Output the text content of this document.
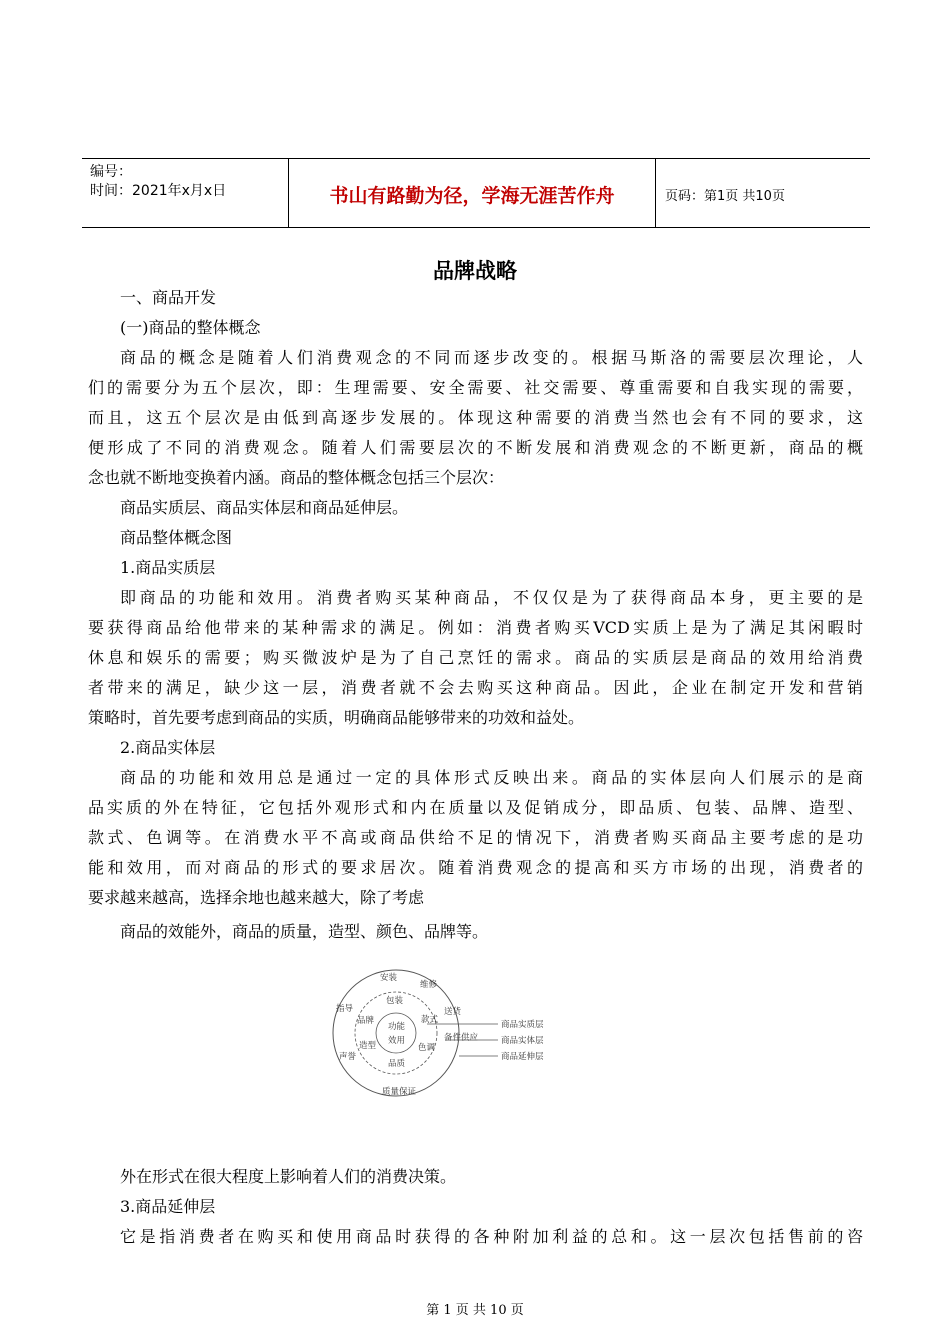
编号：
时间：2021年x月x日	书山有路勤为径，学海无涯苦作舟	页码：第1页 共10页
品牌战略

一、商品开发

(一)商品的整体概念

商品的概念是随着人们消费观念的不同而逐步改变的。根据马斯洛的需要层次理论，人
们的需要分为五个层次，即：生理需要、安全需要、社交需要、尊重需要和自我实现的需要，
而且，这五个层次是由低到高逐步发展的。体现这种需要的消费当然也会有不同的要求，这
便形成了不同的消费观念。随着人们需要层次的不断发展和消费观念的不断更新，商品的概
念也就不断地变换着内涵。商品的整体概念包括三个层次：

商品实质层、商品实体层和商品延伸层。

商品整体概念图

1.商品实质层

即商品的功能和效用。消费者购买某种商品，不仅仅是为了获得商品本身，更主要的是
要获得商品给他带来的某种需求的满足。例如：消费者购买VCD实质上是为了满足其闲暇时
休息和娱乐的需要；购买微波炉是为了自己烹饪的需求。商品的实质层是商品的效用给消费
者带来的满足，缺少这一层，消费者就不会去购买这种商品。因此，企业在制定开发和营销
策略时，首先要考虑到商品的实质，明确商品能够带来的功效和益处。

2.商品实体层

商品的功能和效用总是通过一定的具体形式反映出来。商品的实体层向人们展示的是商
品实质的外在特征，它包括外观形式和内在质量以及促销成分，即品质、包装、品牌、造型、
款式、色调等。在消费水平不高或商品供给不足的情况下，消费者购买商品主要考虑的是功
能和效用，而对商品的形式的要求居次。随着消费观念的提高和买方市场的出现，消费者的
要求越来越高，选择余地也越来越大，除了考虑

商品的效能外，商品的质量，造型、颜色、品牌等。

功能
效用
包装
款式
色调
品质
造型
品牌
安装
维修
送货
备件供应
质量保证
声誉
指导
商品实质层
商品实体层
商品延伸层

外在形式在很大程度上影响着人们的消费决策。

3.商品延伸层

它是指消费者在购买和使用商品时获得的各种附加利益的总和。这一层次包括售前的咨

第 1 页 共 10 页
